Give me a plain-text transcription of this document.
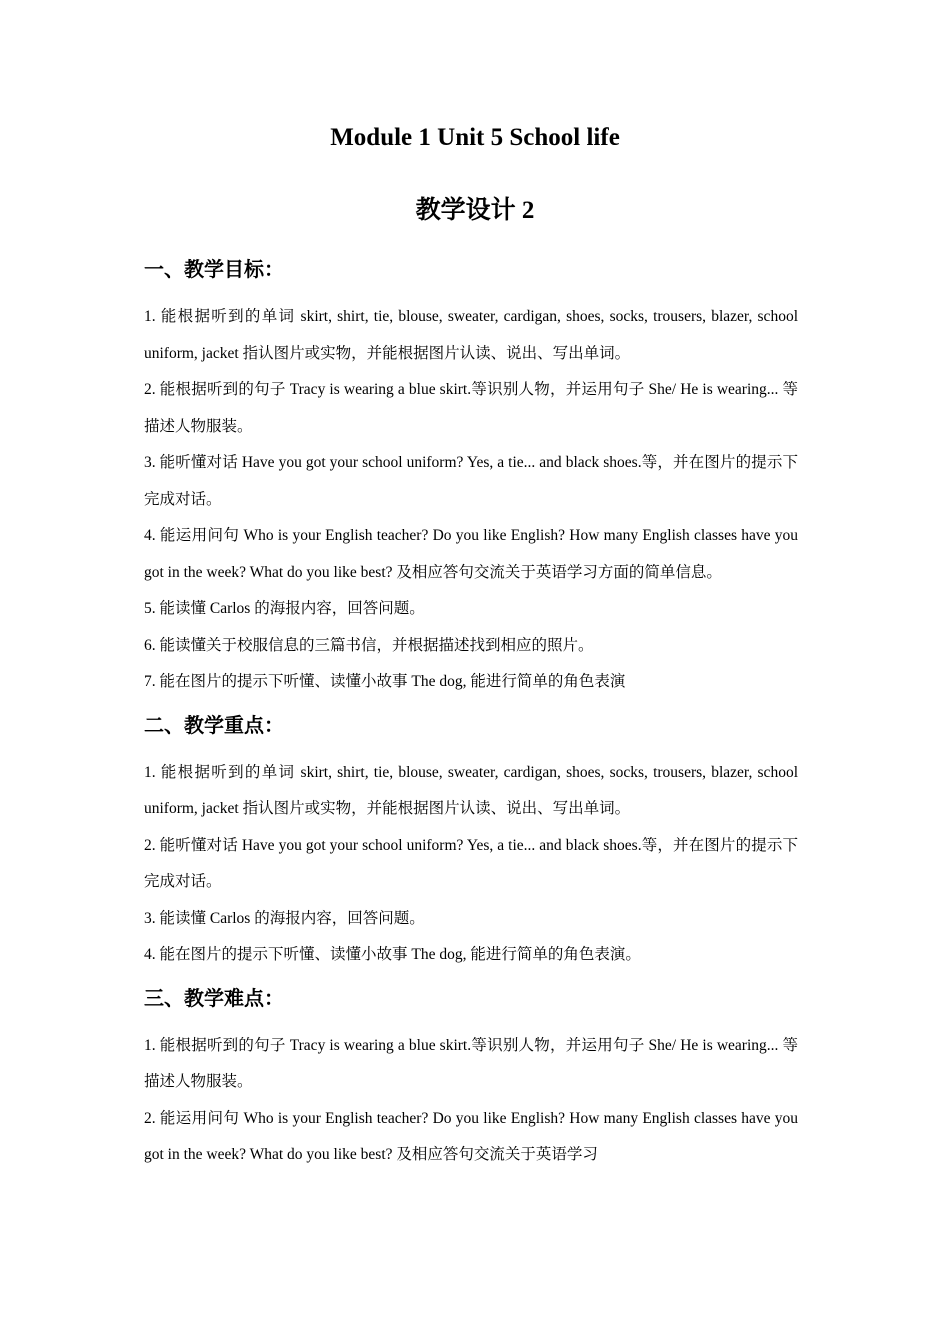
Module 1 Unit 5 School life
教学设计 2
一、教学目标：

1. 能根据听到的单词 skirt, shirt, tie, blouse, sweater, cardigan, shoes, socks, trousers, blazer, school uniform, jacket 指认图片或实物，并能根据图片认读、说出、写出单词。

2. 能根据听到的句子 Tracy is wearing a blue skirt.等识别人物，并运用句子 She/ He is wearing... 等描述人物服装。

3. 能听懂对话 Have you got your school uniform? Yes, a tie... and black shoes.等，并在图片的提示下完成对话。

4. 能运用问句 Who is your English teacher? Do you like English? How many English classes have you got in the week? What do you like best? 及相应答句交流关于英语学习方面的简单信息。

5. 能读懂 Carlos 的海报内容，回答问题。

6. 能读懂关于校服信息的三篇书信，并根据描述找到相应的照片。

7. 能在图片的提示下听懂、读懂小故事 The dog, 能进行简单的角色表演

二、教学重点：

1. 能根据听到的单词 skirt, shirt, tie, blouse, sweater, cardigan, shoes, socks, trousers, blazer, school uniform, jacket 指认图片或实物，并能根据图片认读、说出、写出单词。

2. 能听懂对话 Have you got your school uniform? Yes, a tie... and black shoes.等，并在图片的提示下完成对话。

3. 能读懂 Carlos 的海报内容，回答问题。

4. 能在图片的提示下听懂、读懂小故事 The dog, 能进行简单的角色表演。

三、教学难点：

1. 能根据听到的句子 Tracy is wearing a blue skirt.等识别人物，并运用句子 She/ He is wearing... 等描述人物服装。

2. 能运用问句 Who is your English teacher? Do you like English? How many English classes have you got in the week? What do you like best? 及相应答句交流关于英语学习
